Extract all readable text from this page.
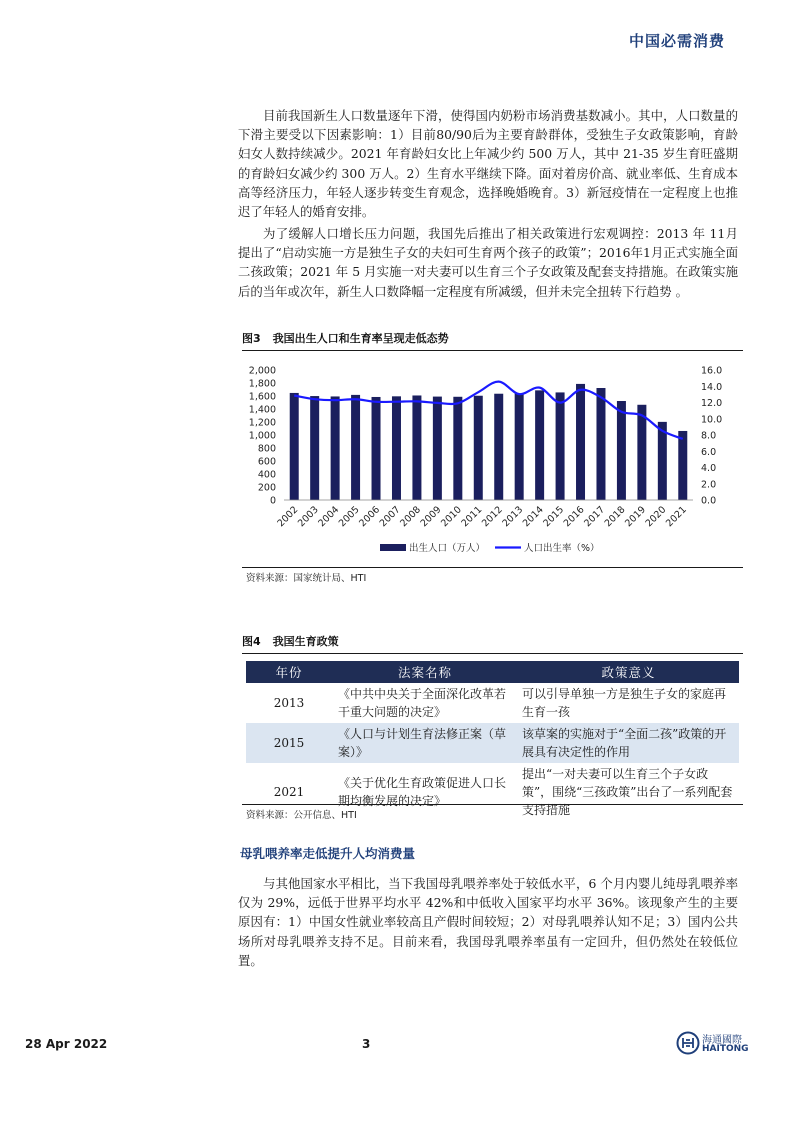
中国必需消费

目前我国新生人口数量逐年下滑，使得国内奶粉市场消费基数减小。其中，人口数量的下滑主要受以下因素影响：1）目前80/90后为主要育龄群体，受独生子女政策影响，育龄妇女人数持续减少。2021 年育龄妇女比上年减少约 500 万人，其中 21-35 岁生育旺盛期的育龄妇女减少约 300 万人。2）生育水平继续下降。面对着房价高、就业率低、生育成本高等经济压力，年轻人逐步转变生育观念，选择晚婚晚育。3）新冠疫情在一定程度上也推迟了年轻人的婚育安排。

为了缓解人口增长压力问题，我国先后推出了相关政策进行宏观调控：2013 年 11月提出了“启动实施一方是独生子女的夫妇可生育两个孩子的政策”；2016年1月正式实施全面二孩政策；2021 年 5 月实施一对夫妻可以生育三个子女政策及配套支持措施。在政策实施后的当年或次年，新生人口数降幅一定程度有所减缓，但并未完全扭转下行趋势 。

图3 我国出生人口和生育率呈现走低态势
0
200
400
600
800
1,000
1,200
1,400
1,600
1,800
2,000
0.0
2.0
4.0
6.0
8.0
10.0
12.0
14.0
16.0
2002
2003
2004
2005
2006
2007
2008
2009
2010
2011
2012
2013
2014
2015
2016
2017
2018
2019
2020
2021
出生人口（万人）	人口出生率（%）
资料来源：国家统计局、HTI
图4 我国生育政策
年份	法案名称	政策意义
2013	《中共中央关于全面深化改革若干重大问题的决定》	可以引导单独一方是独生子女的家庭再生育一孩
2015	《人口与计划生育法修正案（草案）》	该草案的实施对于“全面二孩”政策的开展具有决定性的作用
2021	《关于优化生育政策促进人口长期均衡发展的决定》	提出“一对夫妻可以生育三个子女政策”，围绕“三孩政策”出台了一系列配套支持措施
资料来源：公开信息、HTI
母乳喂养率走低提升人均消费量

与其他国家水平相比，当下我国母乳喂养率处于较低水平，6 个月内婴儿纯母乳喂养率仅为 29%，远低于世界平均水平 42%和中低收入国家平均水平 36%。该现象产生的主要原因有：1）中国女性就业率较高且产假时间较短；2）对母乳喂养认知不足；3）国内公共场所对母乳喂养支持不足。目前来看，我国母乳喂养率虽有一定回升，但仍然处在较低位置。

28 Apr 2022	3	海通國際
HAITONG
